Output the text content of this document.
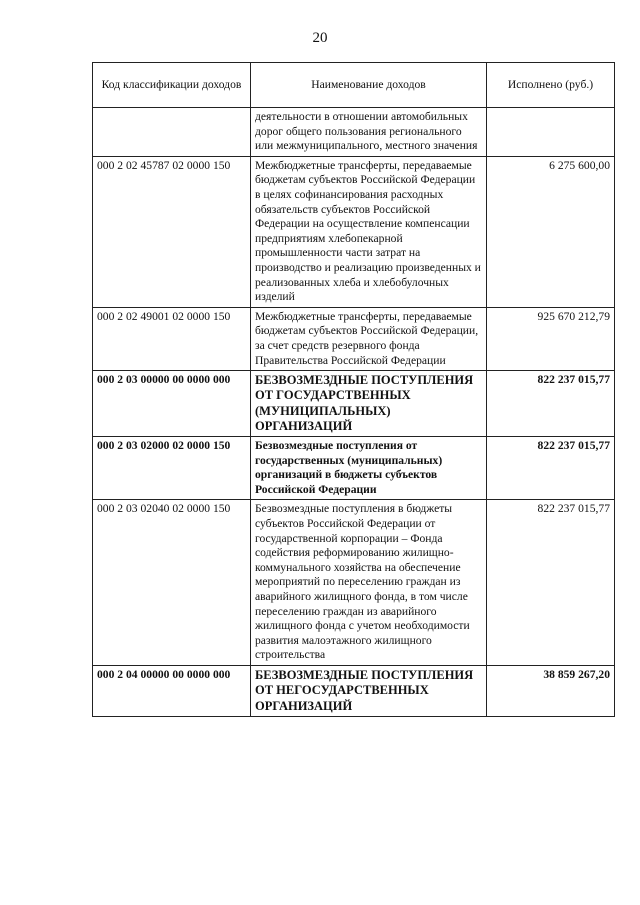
20
Код классификации доходов	Наименование доходов	Исполнено (руб.)
	деятельности в отношении автомобильных дорог общего пользования регионального или межмуниципального, местного значения	
000 2 02 45787 02 0000 150	Межбюджетные трансферты, передаваемые бюджетам субъектов Российской Федерации в целях софинансирования расходных обязательств субъектов Российской Федерации на осуществление компенсации предприятиям хлебопекарной промышленности части затрат на производство и реализацию произведенных и реализованных хлеба и хлебобулочных изделий	6 275 600,00
000 2 02 49001 02 0000 150	Межбюджетные трансферты, передаваемые бюджетам субъектов Российской Федерации, за счет средств резервного фонда Правительства Российской Федерации	925 670 212,79
000 2 03 00000 00 0000 000	БЕЗВОЗМЕЗДНЫЕ ПОСТУПЛЕНИЯ ОТ ГОСУДАРСТВЕННЫХ (МУНИЦИПАЛЬНЫХ) ОРГАНИЗАЦИЙ	822 237 015,77
000 2 03 02000 02 0000 150	Безвозмездные поступления от государственных (муниципальных) организаций в бюджеты субъектов Российской Федерации	822 237 015,77
000 2 03 02040 02 0000 150	Безвозмездные поступления в бюджеты субъектов Российской Федерации от государственной корпорации – Фонда содействия реформированию жилищно-коммунального хозяйства на обеспечение мероприятий по переселению граждан из аварийного жилищного фонда, в том числе переселению граждан из аварийного жилищного фонда с учетом необходимости развития малоэтажного жилищного строительства	822 237 015,77
000 2 04 00000 00 0000 000	БЕЗВОЗМЕЗДНЫЕ ПОСТУПЛЕНИЯ ОТ НЕГОСУДАРСТВЕННЫХ ОРГАНИЗАЦИЙ	38 859 267,20
